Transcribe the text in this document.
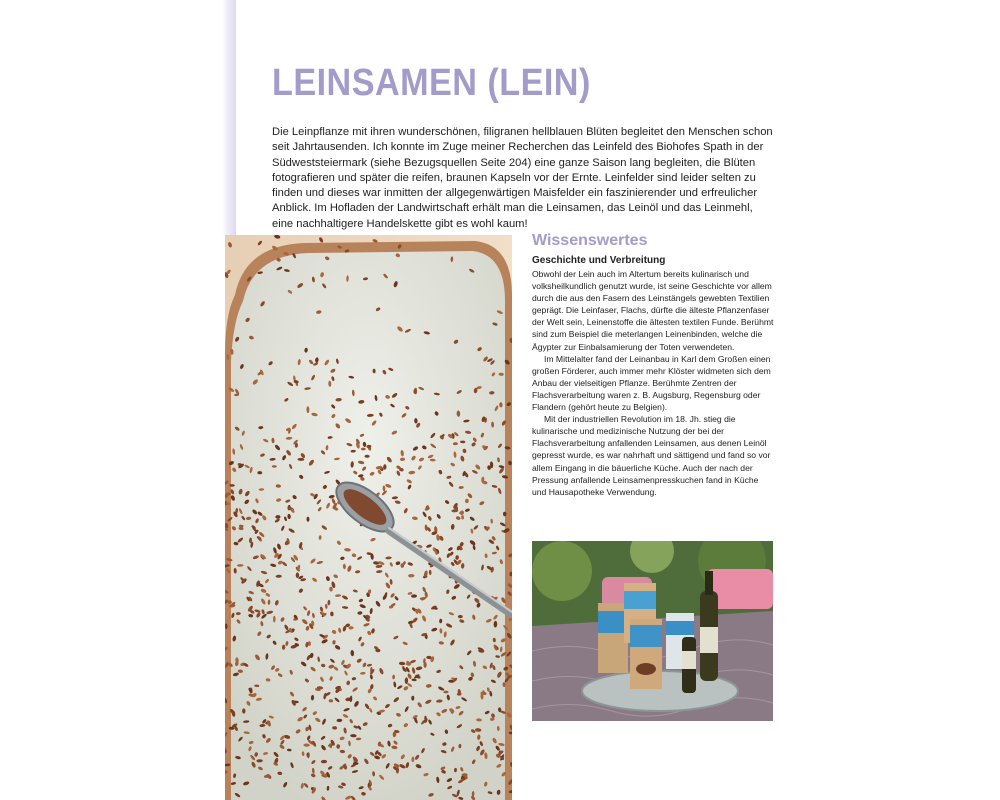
LEINSAMEN (LEIN)

Die Leinpflanze mit ihren wunderschönen, filigranen hellblauen Blüten begleitet den Menschen schon seit Jahrtausenden. Ich konnte im Zuge meiner Recherchen das Leinfeld des Biohofes Spath in der Südweststeiermark (siehe Bezugsquellen Seite 204) eine ganze Saison lang begleiten, die Blüten fotografieren und später die reifen, braunen Kapseln vor der Ernte. Leinfelder sind leider selten zu finden und dieses war inmitten der allgegenwärtigen Maisfelder ein faszinierender und erfreulicher Anblick. Im Hofladen der Landwirtschaft erhält man die Leinsamen, das Leinöl und das Leinmehl, eine nachhaltigere Handelskette gibt es wohl kaum!

Wissenswertes
Geschichte und Verbreitung

Obwohl der Lein auch im Altertum bereits kulinarisch und volksheilkundlich genutzt wurde, ist seine Geschichte vor allem durch die aus den Fasern des Leinstängels gewebten Textilien geprägt. Die Leinfaser, Flachs, dürfte die älteste Pflanzenfaser der Welt sein, Leinenstoffe die ältesten textilen Funde. Berühmt sind zum Beispiel die meterlangen Leinenbinden, welche die Ägypter zur Einbalsamierung der Toten verwendeten.

Im Mittelalter fand der Leinanbau in Karl dem Großen einen großen Förderer, auch immer mehr Klöster widmeten sich dem Anbau der vielseitigen Pflanze. Berühmte Zentren der Flachsverarbeitung waren z. B. Augsburg, Regensburg oder Flandern (gehört heute zu Belgien).

Mit der industriellen Revolution im 18. Jh. stieg die kulinarische und medizinische Nutzung der bei der Flachsverarbeitung anfallenden Leinsamen, aus denen Leinöl gepresst wurde, es war nahrhaft und sättigend und fand so vor allem Eingang in die bäuerliche Küche. Auch der nach der Pressung anfallende Leinsamenpresskuchen fand in Küche und Hausapotheke Verwendung.
